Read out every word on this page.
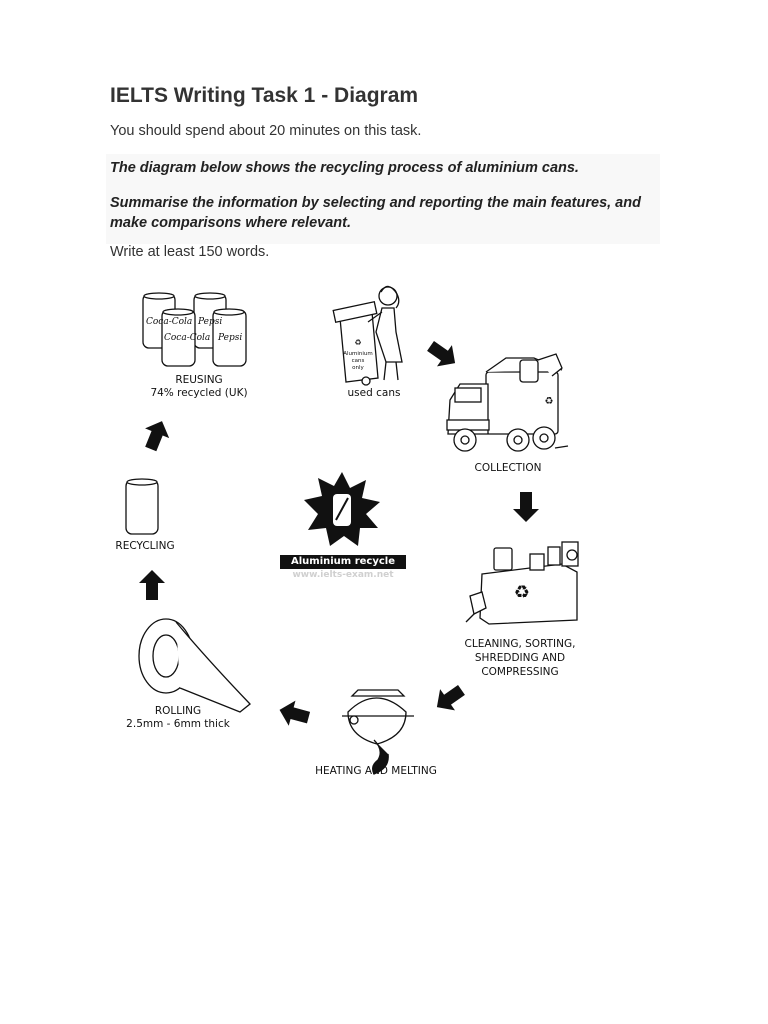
IELTS Writing Task 1 - Diagram
You should spend about 20 minutes on this task.
The diagram below shows the recycling process of aluminium cans.
Summarise the information by selecting and reporting the main features, and
make comparisons where relevant.
Write at least 150 words.
Coca-Cola
Coca-Cola
Pepsi
Pepsi
Aluminium
cans
only
♻
♻
♻
REUSING
74% recycled (UK)	used cans
COLLECTION
CLEANING, SORTING,
SHREDDING AND
COMPRESSING
HEATING AND MELTING
ROLLING
2.5mm - 6mm thick
RECYCLING
Aluminium recycle
www.ielts-exam.net
